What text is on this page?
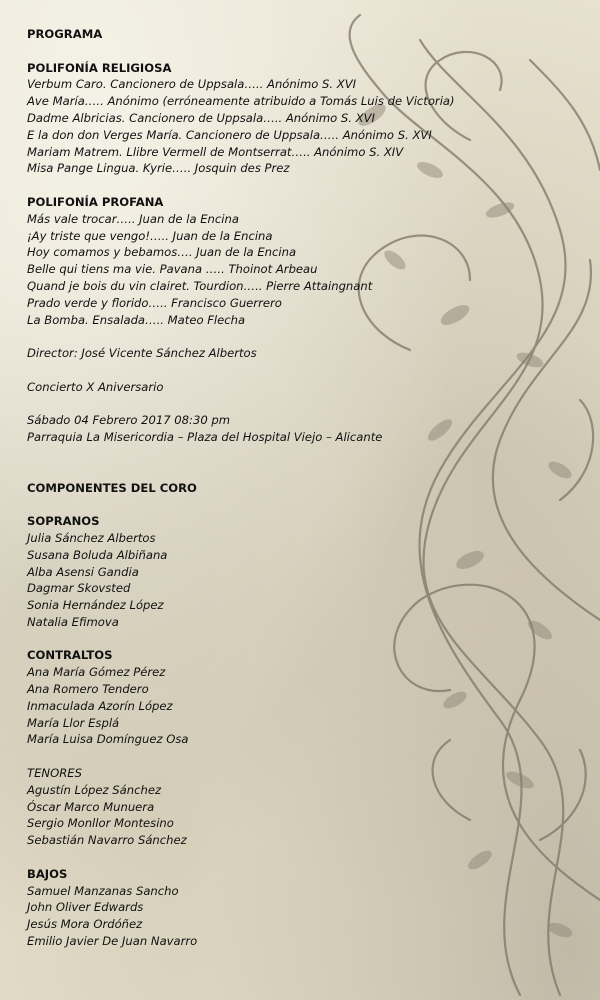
PROGRAMA
POLIFONÍA RELIGIOSA
Verbum Caro. Cancionero de Uppsala….. Anónimo S. XVI
Ave María….. Anónimo (erróneamente atribuido a Tomás Luis de Victoria)
Dadme Albricias. Cancionero de Uppsala….. Anónimo S. XVI
E la don don Verges María. Cancionero de Uppsala….. Anónimo S. XVI
Mariam Matrem. Llibre Vermell de Montserrat….. Anónimo S. XIV
Misa Pange Lingua. Kyrie….. Josquin des Prez
POLIFONÍA PROFANA
Más vale trocar….. Juan de la Encina
¡Ay triste que vengo!….. Juan de la Encina
Hoy comamos y bebamos…. Juan de la Encina
Belle qui tiens ma vie. Pavana ….. Thoinot Arbeau
Quand je bois du vin clairet. Tourdion….. Pierre Attaingnant
Prado verde y florido….. Francisco Guerrero
La Bomba. Ensalada….. Mateo Flecha
Director: José Vicente Sánchez Albertos
Concierto X Aniversario
Sábado 04 Febrero 2017 08:30 pm
Parraquia La Misericordia – Plaza del Hospital Viejo – Alicante
COMPONENTES DEL CORO
SOPRANOS
Julia Sánchez Albertos
Susana Boluda Albiñana
Alba Asensi Gandia
Dagmar Skovsted
Sonia Hernández López
Natalia Efimova
CONTRALTOS
Ana María Gómez Pérez
Ana Romero Tendero
Inmaculada Azorín López
María Llor Esplá
María Luisa Domínguez Osa
TENORES
Agustín López Sánchez
Óscar Marco Munuera
Sergio Monllor Montesino
Sebastián Navarro Sánchez
BAJOS
Samuel Manzanas Sancho
John Oliver Edwards
Jesús Mora Ordóñez
Emilio Javier De Juan Navarro
